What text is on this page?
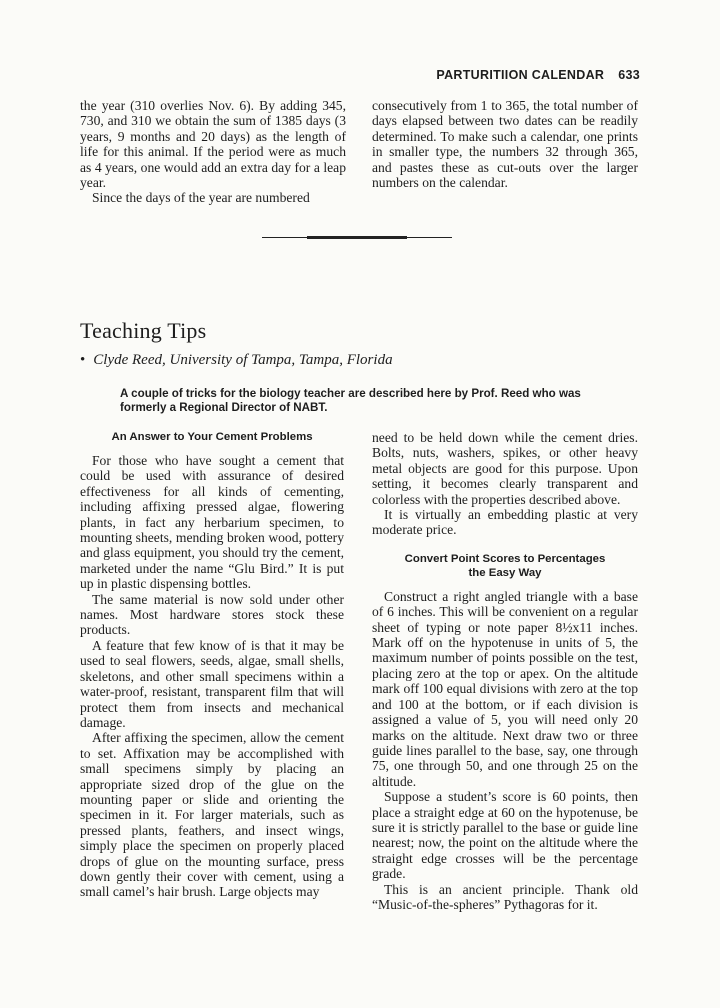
PARTURITIION CALENDAR 633

the year (310 overlies Nov. 6). By adding 345, 730, and 310 we obtain the sum of 1385 days (3 years, 9 months and 20 days) as the length of life for this animal. If the period were as much as 4 years, one would add an extra day for a leap year.

Since the days of the year are numbered

consecutively from 1 to 365, the total number of days elapsed between two dates can be readily determined. To make such a calendar, one prints in smaller type, the numbers 32 through 365, and pastes these as cut-outs over the larger numbers on the calendar.

Teaching Tips
• Clyde Reed, University of Tampa, Tampa, Florida
A couple of tricks for the biology teacher are described here by Prof. Reed who was formerly a Regional Director of NABT.
An Answer to Your Cement Problems

For those who have sought a cement that could be used with assurance of desired effectiveness for all kinds of cementing, including affixing pressed algae, flowering plants, in fact any herbarium specimen, to mounting sheets, mending broken wood, pottery and glass equipment, you should try the cement, marketed under the name “Glu Bird.” It is put up in plastic dispensing bottles.

The same material is now sold under other names. Most hardware stores stock these products.

A feature that few know of is that it may be used to seal flowers, seeds, algae, small shells, skeletons, and other small specimens within a water-proof, resistant, transparent film that will protect them from insects and mechanical damage.

After affixing the specimen, allow the cement to set. Affixation may be accomplished with small specimens simply by placing an appropriate sized drop of the glue on the mounting paper or slide and orienting the specimen in it. For larger materials, such as pressed plants, feathers, and insect wings, simply place the specimen on properly placed drops of glue on the mounting surface, press down gently their cover with cement, using a small camel’s hair brush. Large objects may

need to be held down while the cement dries. Bolts, nuts, washers, spikes, or other heavy metal objects are good for this purpose. Upon setting, it becomes clearly transparent and colorless with the properties described above.

It is virtually an embedding plastic at very moderate price.

Convert Point Scores to Percentages
the Easy Way

Construct a right angled triangle with a base of 6 inches. This will be convenient on a regular sheet of typing or note paper 8½x11 inches. Mark off on the hypotenuse in units of 5, the maximum number of points possible on the test, placing zero at the top or apex. On the altitude mark off 100 equal divisions with zero at the top and 100 at the bottom, or if each division is assigned a value of 5, you will need only 20 marks on the altitude. Next draw two or three guide lines parallel to the base, say, one through 75, one through 50, and one through 25 on the altitude.

Suppose a student’s score is 60 points, then place a straight edge at 60 on the hypotenuse, be sure it is strictly parallel to the base or guide line nearest; now, the point on the altitude where the straight edge crosses will be the percentage grade.

This is an ancient principle. Thank old “Music-of-the-spheres” Pythagoras for it.
